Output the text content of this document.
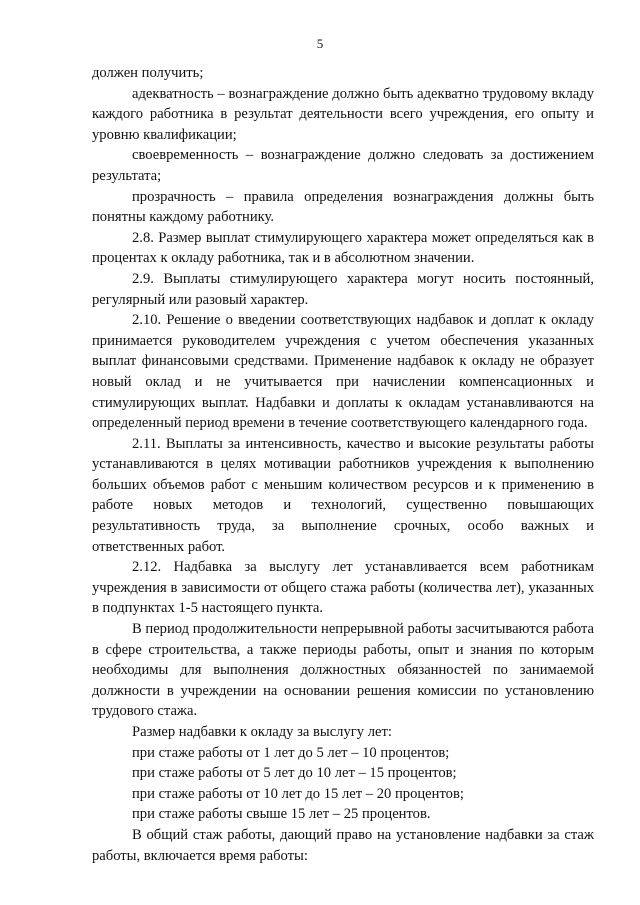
5

должен получить;

адекватность – вознаграждение должно быть адекватно трудовому вкладу каждого работника в результат деятельности всего учреждения, его опыту и уровню квалификации;

своевременность – вознаграждение должно следовать за достижением результата;

прозрачность – правила определения вознаграждения должны быть понятны каждому работнику.

2.8. Размер выплат стимулирующего характера может определяться как в процентах к окладу работника, так и в абсолютном значении.

2.9. Выплаты стимулирующего характера могут носить постоянный, регулярный или разовый характер.

2.10. Решение о введении соответствующих надбавок и доплат к окладу принимается руководителем учреждения с учетом обеспечения указанных выплат финансовыми средствами. Применение надбавок к окладу не образует новый оклад и не учитывается при начислении компенсационных и стимулирующих выплат. Надбавки и доплаты к окладам устанавливаются на определенный период времени в течение соответствующего календарного года.

2.11. Выплаты за интенсивность, качество и высокие результаты работы устанавливаются в целях мотивации работников учреждения к выполнению больших объемов работ с меньшим количеством ресурсов и к применению в работе новых методов и технологий, существенно повышающих результативность труда, за выполнение срочных, особо важных и ответственных работ.

2.12. Надбавка за выслугу лет устанавливается всем работникам учреждения в зависимости от общего стажа работы (количества лет), указанных в подпунктах 1-5 настоящего пункта.

В период продолжительности непрерывной работы засчитываются работа в сфере строительства, а также периоды работы, опыт и знания по которым необходимы для выполнения должностных обязанностей по занимаемой должности в учреждении на основании решения комиссии по установлению трудового стажа.

Размер надбавки к окладу за выслугу лет:

при стаже работы от 1 лет до 5 лет – 10 процентов;

при стаже работы от 5 лет до 10 лет – 15 процентов;

при стаже работы от 10 лет до 15 лет – 20 процентов;

при стаже работы свыше 15 лет – 25 процентов.

В общий стаж работы, дающий право на установление надбавки за стаж работы, включается время работы:
